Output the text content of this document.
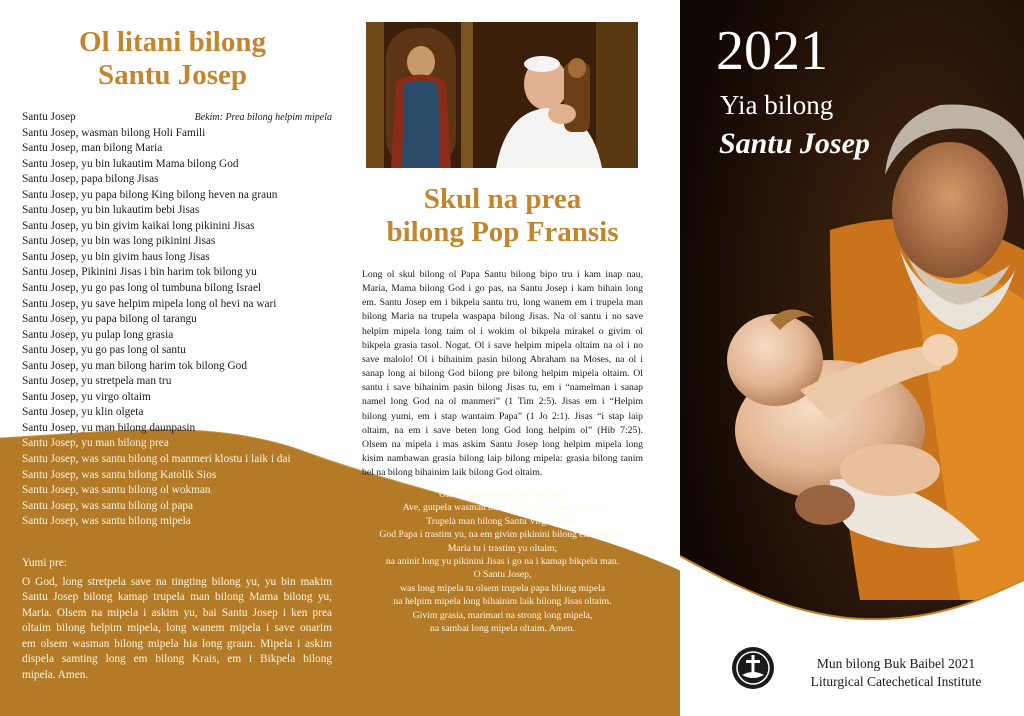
Ol litani bilong
Santu Josep
Santu Josep	Bekim: Prea bilong helpim mipela
Santu Josep, wasman bilong Holi Famili
Santu Josep, man bilong Maria
Santu Josep, yu bin lukautim Mama bilong God
Santu Josep, papa bilong Jisas
Santu Josep, yu papa bilong King bilong heven na graun
Santu Josep, yu bin lukautim bebi Jisas
Santu Josep, yu bin givim kaikai long pikinini Jisas
Santu Josep, yu bin was long pikinini Jisas
Santu Josep, yu bin givim haus long Jisas
Santu Josep, Pikinini Jisas i bin harim tok bilong yu
Santu Josep, yu go pas long ol tumbuna bilong Israel
Santu Josep, yu save helpim mipela long ol hevi na wari
Santu Josep, yu papa bilong ol tarangu
Santu Josep, yu pulap long grasia
Santu Josep, yu go pas long ol santu
Santu Josep, yu man bilong harim tok bilong God
Santu Josep, yu stretpela man tru
Santu Josep, yu virgo oltaim
Santu Josep, yu klin olgeta
Santu Josep, yu man bilong daunpasin
Santu Josep, yu man bilong prea
Santu Josep, was santu bilong ol manmeri klostu i laik i dai
Santu Josep, was santu bilong Katolik Sios
Santu Josep, was santu bilong ol wokman
Santu Josep, was santu bilong ol papa
Santu Josep, was santu bilong mipela
Yumi pre:
O God, long stretpela save na tingting bilong yu, yu bin makim
Santu Josep bilong kamap trupela man bilong Mama bilong yu,
Maria. Olsem na mipela i askim yu, bai Santu Josep i ken prea
oltaim bilong helpim mipela, long wanem mipela i save onarim
em olsem wasman bilong mipela hia long graun. Mipela i askim
dispela samting long em bilong Krais, em i Bikpela bilong
mipela. Amen.
Skul na prea
bilong Pop Fransis
Long ol skul bilong ol Papa Santu bilong bipo tru i kam inap nau,
Maria, Mama bilong God i go pas, na Santu Josep i kam bihain long
em. Santu Josep em i bikpela santu tru, long wanem em i trupela man
bilong Maria na trupela waspapa bilong Jisas. Na ol santu i no save
helpim mipela long taim ol i wokim ol bikpela mirakel o givim ol
bikpela grasia tasol. Nogat. Ol i save helpim mipela oltaim na ol i no
save malolo! Ol i bihainim pasin bilong Abraham na Moses, na ol i
sanap long ai bilong God bilong pre bilong helpim mipela oltaim. Ol
santu i save bihainim pasin bilong Jisas tu, em i “namelman i sanap
namel long God na ol manmeri” (1 Tim 2:5). Jisas em i “Helpim
bilong yumi, em i stap wantaim Papa” (1 Jo 2:1). Jisas “i stap laip
oltaim, na em i save beten long God long helpim ol” (Hib 7:25).
Olsem na mipela i mas askim Santu Josep long helpim mipela long
kisim nambawan grasia bilong laip bilong mipela: grasia bilong tanim
bel na bilong bihainim laik bilong God oltaim.
Olsem na nau yumi pre long em:
Ave, gutpela wasman bilong Ridima bilong mipela,
Trupela man bilong Santu Virgo Maria.
God Papa i trastim yu, na em givim pikinini bilong em long yu;
Maria tu i trastim yu oltaim;
na aninit long yu pikinini Jisas i go na i kamap bikpela man.
O Santu Josep,
was long mipela tu olsem trupela papa bilong mipela
na helpim mipela long bihainim laik bilong Jisas oltaim.
Givim grasia, marimari na strong long mipela,
na sambai long mipela oltaim. Amen.
2021
Yia bilong
Santu Josep
Mun bilong Buk Baibel 2021
Liturgical Catechetical Institute
